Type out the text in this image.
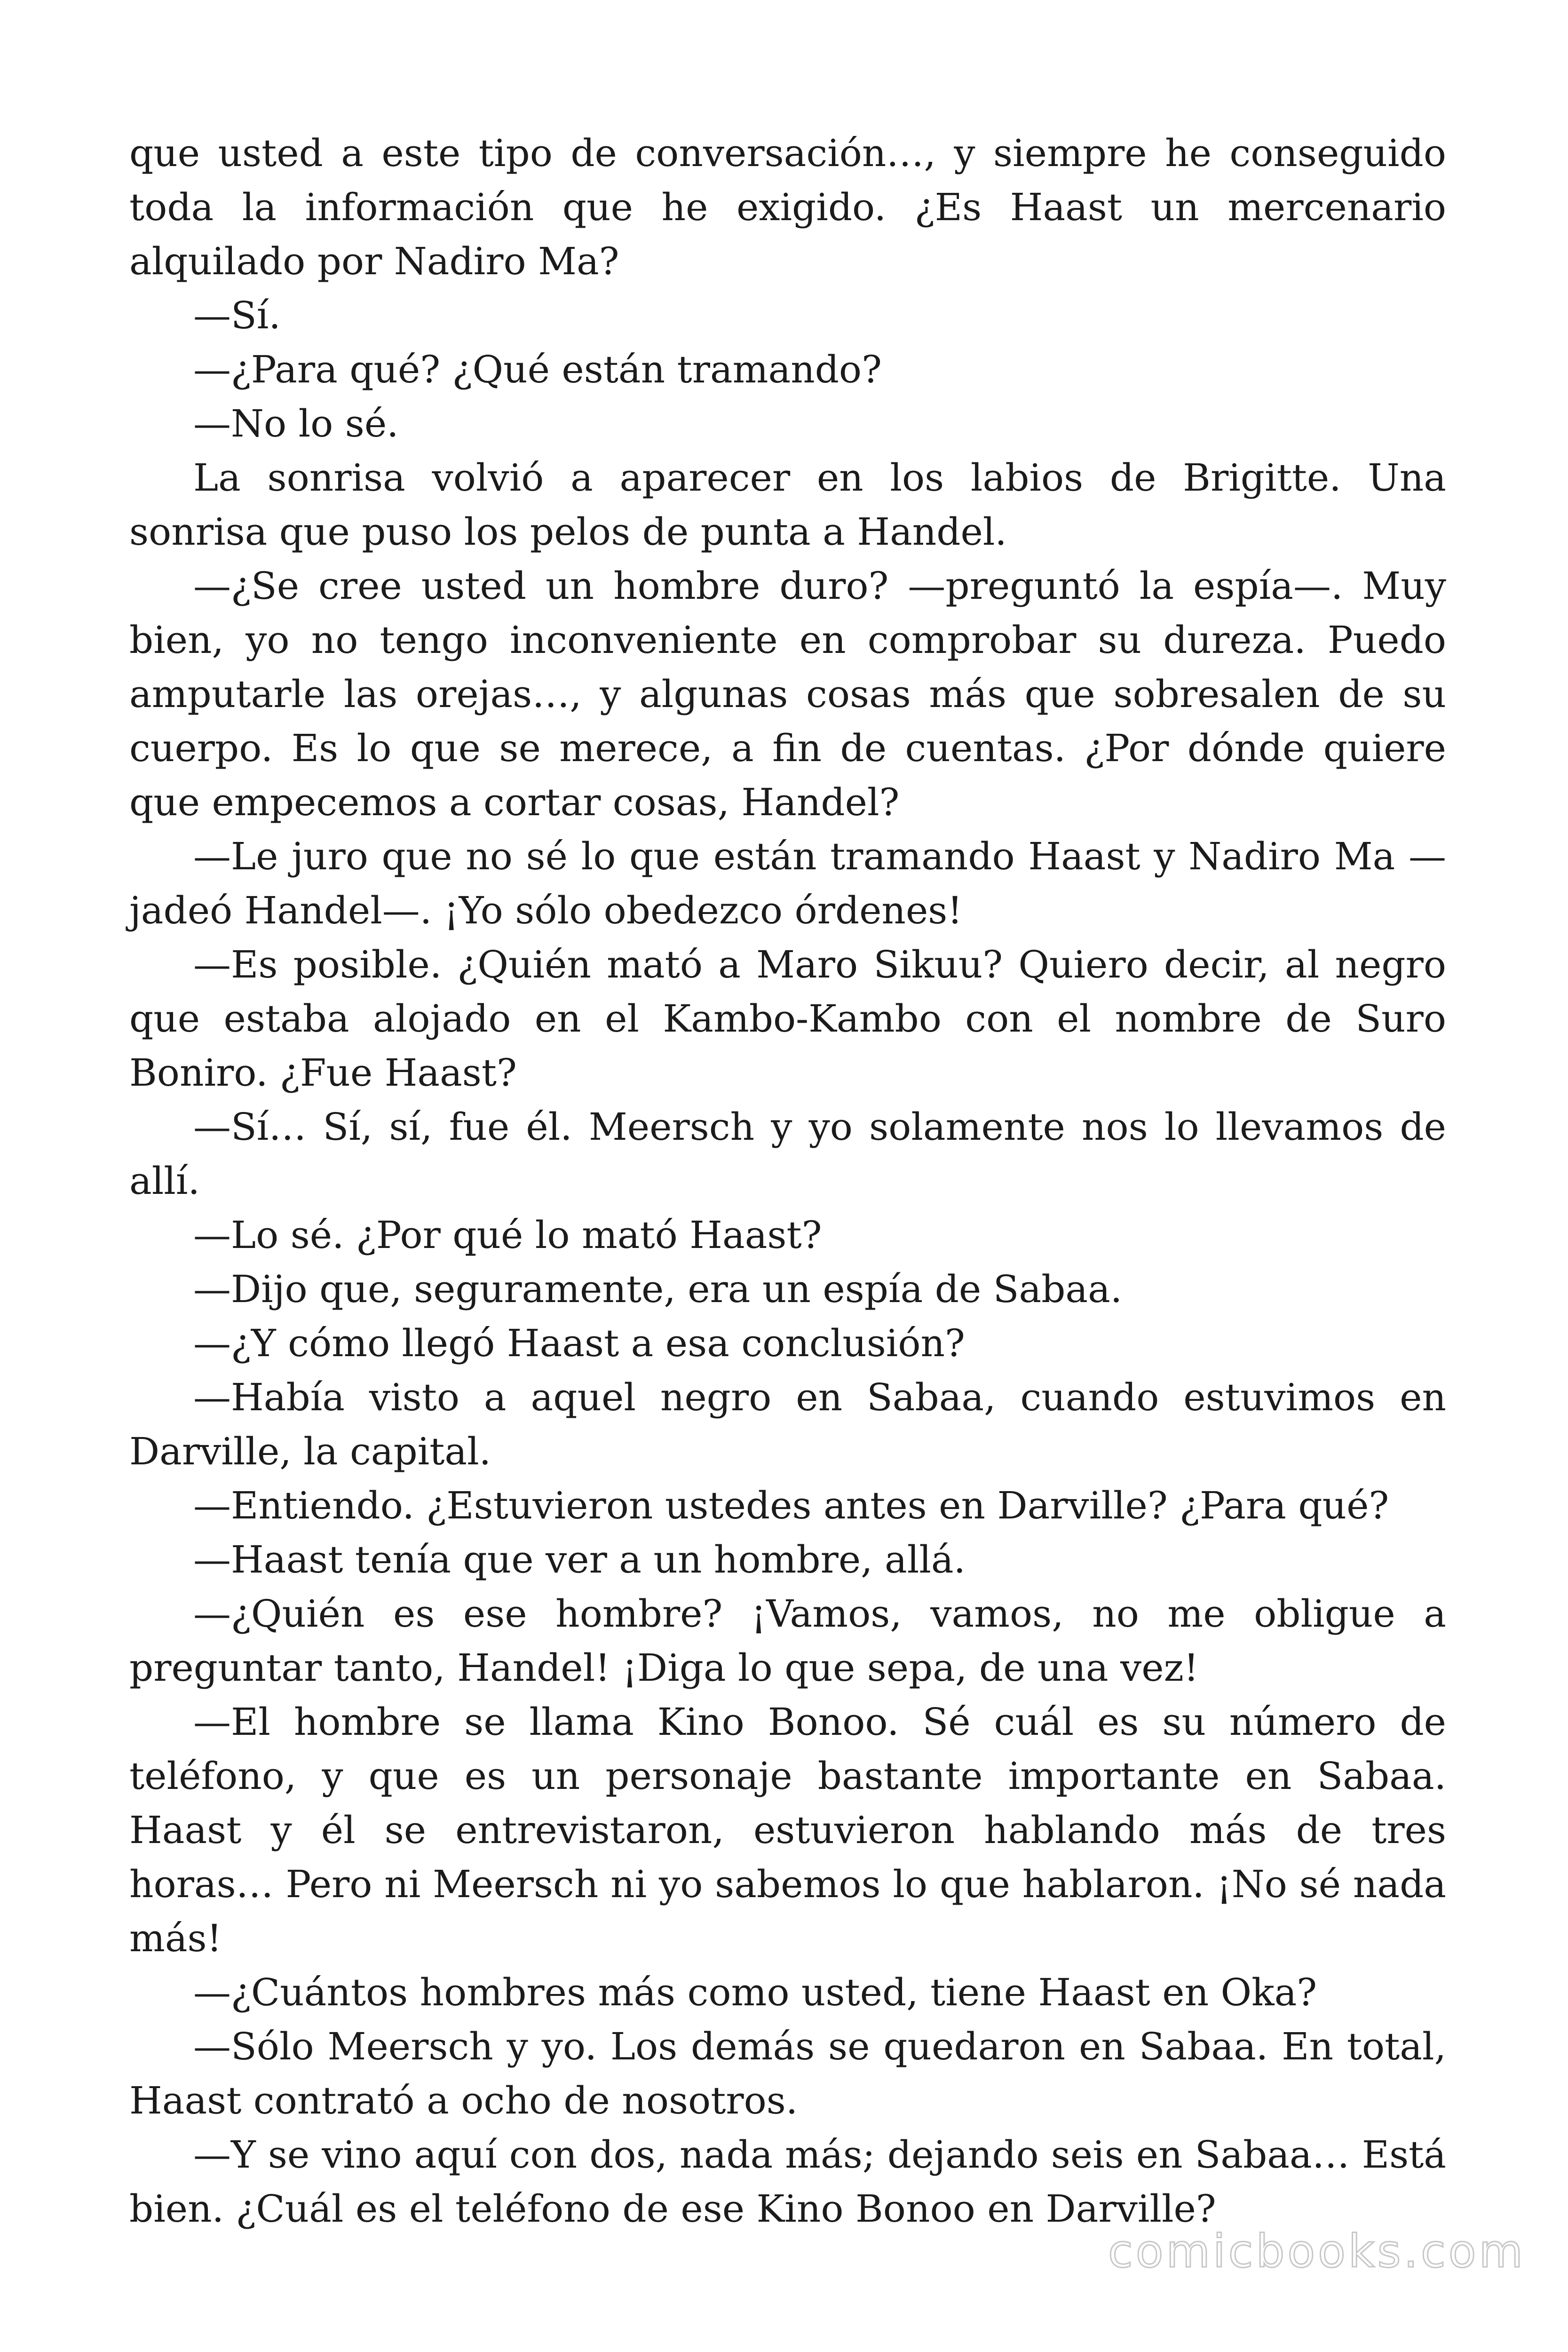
que usted a este tipo de conversación…, y siempre he conseguido toda la información que he exigido. ¿Es Haast un mercenario alquilado por Nadiro Ma?

—Sí.

—¿Para qué? ¿Qué están tramando?

—No lo sé.

La sonrisa volvió a aparecer en los labios de Brigitte. Una sonrisa que puso los pelos de punta a Handel.

—¿Se cree usted un hombre duro? —preguntó la espía—. Muy bien, yo no tengo inconveniente en comprobar su dureza. Puedo amputarle las orejas…, y algunas cosas más que sobresalen de su cuerpo. Es lo que se merece, a fin de cuentas. ¿Por dónde quiere que empecemos a cortar cosas, Handel?

—Le juro que no sé lo que están tramando Haast y Nadiro Ma — jadeó Handel—. ¡Yo sólo obedezco órdenes!

—Es posible. ¿Quién mató a Maro Sikuu? Quiero decir, al negro que estaba alojado en el Kambo-Kambo con el nombre de Suro Boniro. ¿Fue Haast?

—Sí… Sí, sí, fue él. Meersch y yo solamente nos lo llevamos de allí.

—Lo sé. ¿Por qué lo mató Haast?

—Dijo que, seguramente, era un espía de Sabaa.

—¿Y cómo llegó Haast a esa conclusión?

—Había visto a aquel negro en Sabaa, cuando estuvimos en Darville, la capital.

—Entiendo. ¿Estuvieron ustedes antes en Darville? ¿Para qué?

—Haast tenía que ver a un hombre, allá.

—¿Quién es ese hombre? ¡Vamos, vamos, no me obligue a preguntar tanto, Handel! ¡Diga lo que sepa, de una vez!

—El hombre se llama Kino Bonoo. Sé cuál es su número de teléfono, y que es un personaje bastante importante en Sabaa. Haast y él se entrevistaron, estuvieron hablando más de tres horas… Pero ni Meersch ni yo sabemos lo que hablaron. ¡No sé nada más!

—¿Cuántos hombres más como usted, tiene Haast en Oka?

—Sólo Meersch y yo. Los demás se quedaron en Sabaa. En total, Haast contrató a ocho de nosotros.

—Y se vino aquí con dos, nada más; dejando seis en Sabaa… Está bien. ¿Cuál es el teléfono de ese Kino Bonoo en Darville?

comicbooks.com
